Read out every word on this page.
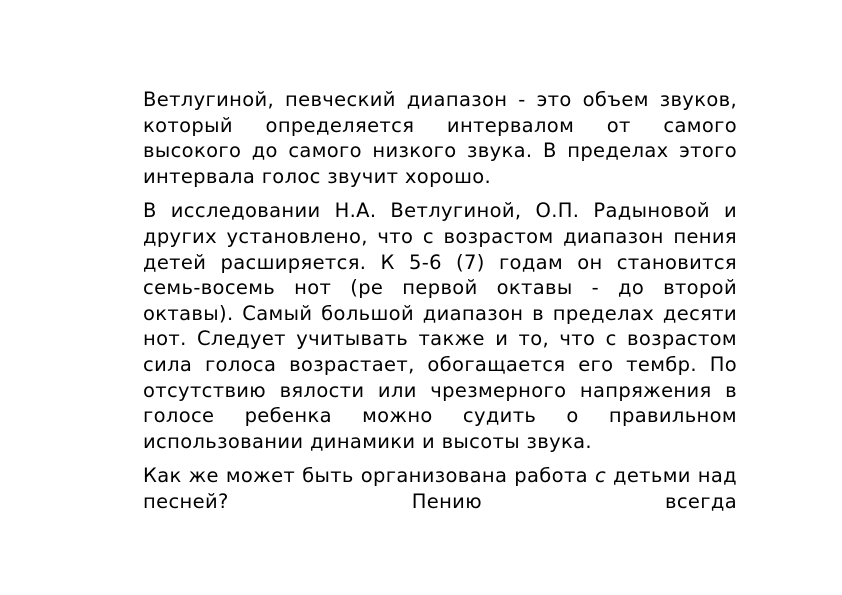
Ветлугиной, певческий диапазон - это объем звуков, который определяется интервалом от самого высокого до самого низкого звука. В пределах этого интервала голос звучит хорошо.

В исследовании Н.А. Ветлугиной, О.П. Радыновой и других установлено, что с возрастом диапазон пения детей расширяется. К 5-6 (7) годам он становится семь-восемь нот (ре первой октавы - до второй октавы). Самый большой диапазон в пределах десяти нот. Следует учитывать также и то, что с возрастом сила голоса возрастает, обогащается его тембр. По отсутствию вялости или чрезмерного напряжения в голосе ребенка можно судить о правильном использовании динамики и высоты звука.

Как же может быть организована работа с детьми над песней? Пению всегда
